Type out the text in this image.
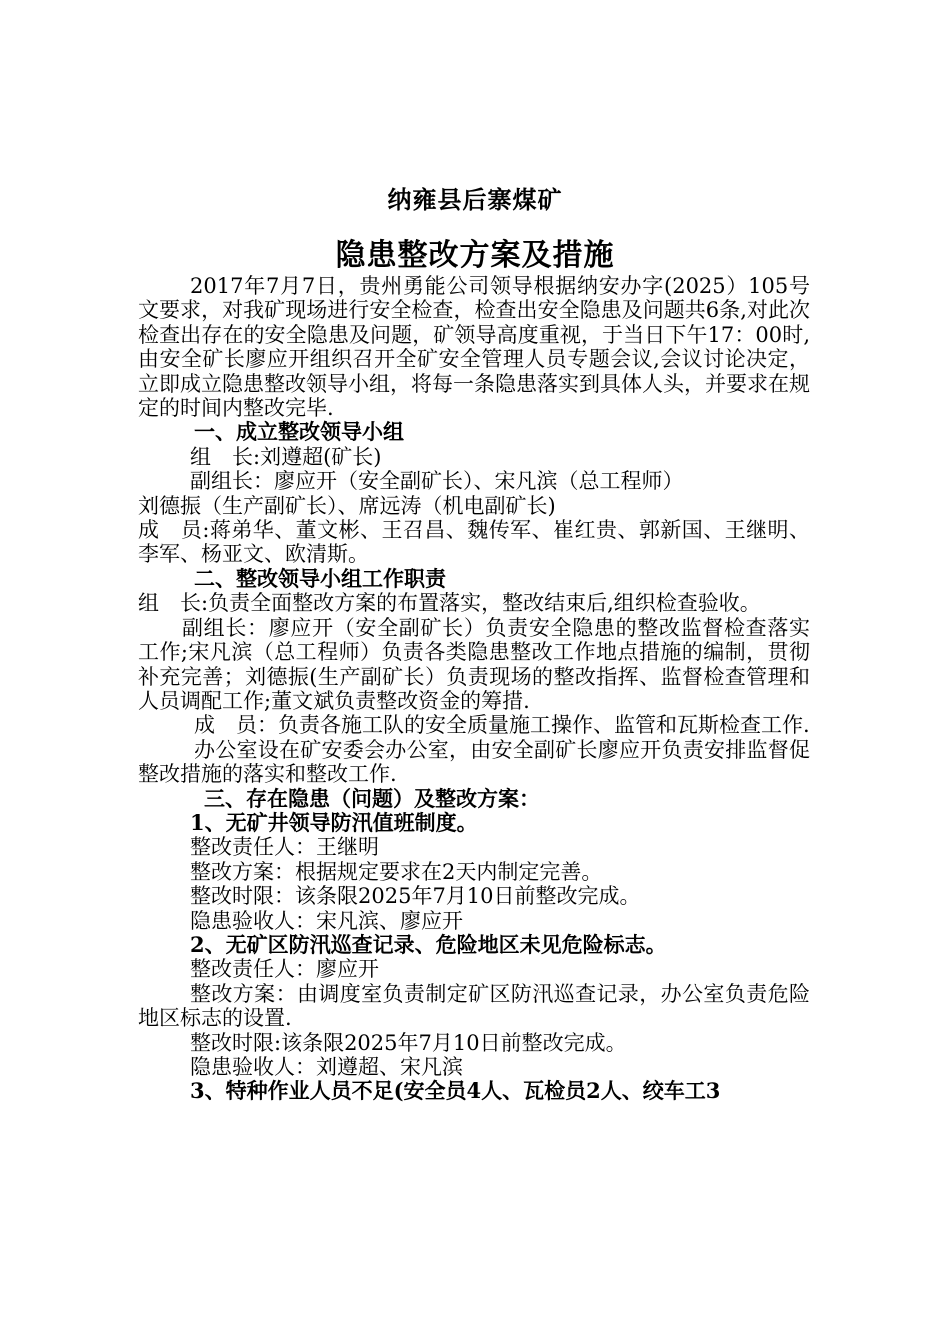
纳雍县后寨煤矿
隐患整改方案及措施

2017年7月7日，贵州勇能公司领导根据纳安办字(2025）105号文要求，对我矿现场进行安全检查，检查出安全隐患及问题共6条,对此次检查出存在的安全隐患及问题，矿领导高度重视，于当日下午17：00时,由安全矿长廖应开组织召开全矿安全管理人员专题会议,会议讨论决定，立即成立隐患整改领导小组，将每一条隐患落实到具体人头，并要求在规定的时间内整改完毕.

一、成立整改领导小组

组　长:刘遵超(矿长)

副组长：廖应开（安全副矿长）、宋凡滨（总工程师）

刘德振（生产副矿长）、席远涛（机电副矿长)

成　员:蒋弟华、董文彬、王召昌、魏传军、崔红贵、郭新国、王继明、李军、杨亚文、欧清斯。

二、整改领导小组工作职责

组　长:负责全面整改方案的布置落实，整改结束后,组织检查验收。

副组长：廖应开（安全副矿长）负责安全隐患的整改监督检查落实工作;宋凡滨（总工程师）负责各类隐患整改工作地点措施的编制，贯彻补充完善；刘德振(生产副矿长）负责现场的整改指挥、监督检查管理和人员调配工作;董文斌负责整改资金的筹措.

成　员：负责各施工队的安全质量施工操作、监管和瓦斯检查工作.

办公室设在矿安委会办公室，由安全副矿长廖应开负责安排监督促整改措施的落实和整改工作.

三、存在隐患（问题）及整改方案：

1、无矿井领导防汛值班制度。

整改责任人：王继明

整改方案：根据规定要求在2天内制定完善。

整改时限：该条限2025年7月10日前整改完成。

隐患验收人：宋凡滨、廖应开

2、无矿区防汛巡查记录、危险地区未见危险标志。

整改责任人：廖应开

整改方案：由调度室负责制定矿区防汛巡查记录，办公室负责危险地区标志的设置.

整改时限:该条限2025年7月10日前整改完成。

隐患验收人：刘遵超、宋凡滨

3、特种作业人员不足(安全员4人、瓦检员2人、绞车工3
